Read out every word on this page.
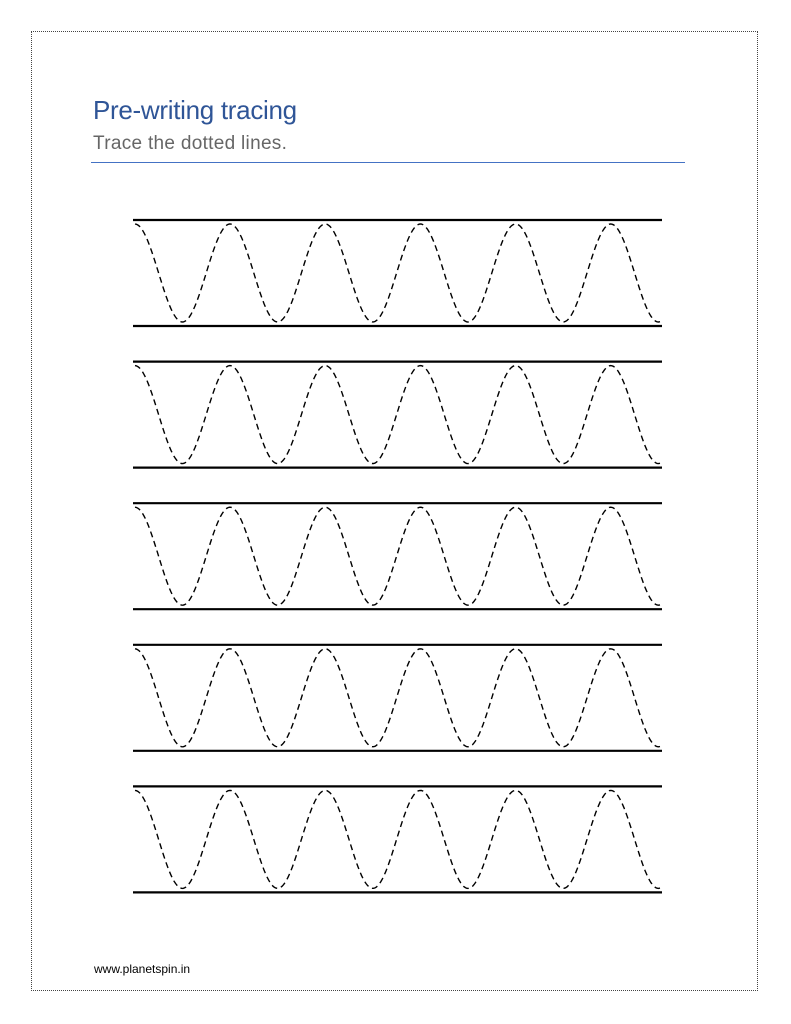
Pre-writing tracing

Trace the dotted lines.

www.planetspin.in
